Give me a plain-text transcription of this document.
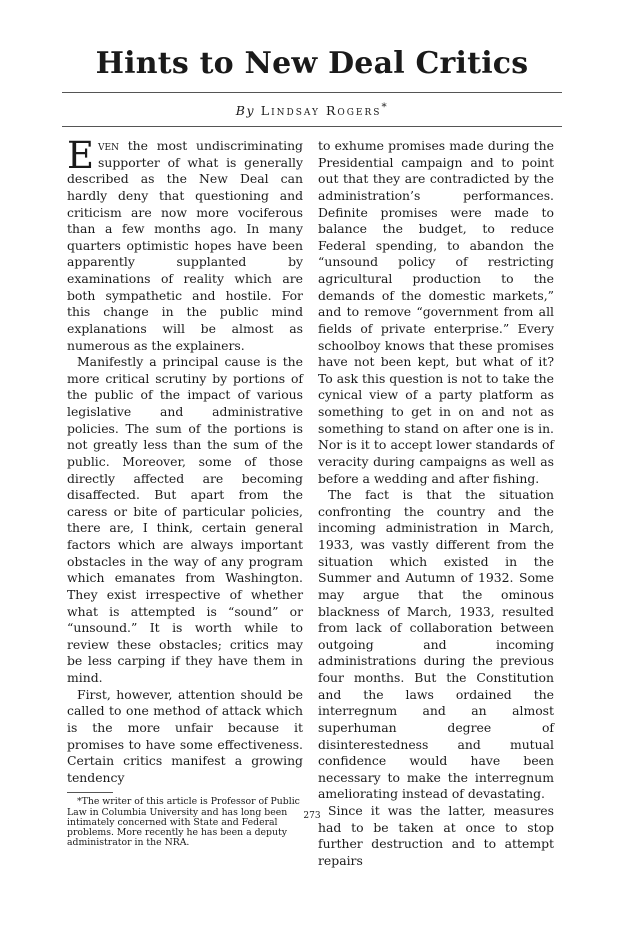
Hints to New Deal Critics
By Lindsay Rogers*

Even the most undiscriminating supporter of what is generally described as the New Deal can hardly deny that questioning and criticism are now more vociferous than a few months ago. In many quarters optimistic hopes have been apparently supplanted by examinations of reality which are both sympathetic and hostile. For this change in the public mind explanations will be almost as numerous as the explainers.

Manifestly a principal cause is the more critical scrutiny by portions of the public of the impact of various legislative and administrative policies. The sum of the portions is not greatly less than the sum of the public. Moreover, some of those directly affected are becoming disaffected. But apart from the caress or bite of particular policies, there are, I think, certain general factors which are always important obstacles in the way of any program which emanates from Washington. They exist irrespective of whether what is attempted is “sound” or “unsound.” It is worth while to review these obstacles; critics may be less carping if they have them in mind.

First, however, attention should be called to one method of attack which is the more unfair because it promises to have some effectiveness. Certain critics manifest a growing tendency

*The writer of this article is Professor of Public Law in Columbia University and has long been intimately concerned with State and Federal problems. More recently he has been a deputy administrator in the NRA.

to exhume promises made during the Presidential campaign and to point out that they are contradicted by the administration’s performances. Definite promises were made to balance the budget, to reduce Federal spending, to abandon the “unsound policy of restricting agricultural production to the demands of the domestic markets,” and to remove “government from all fields of private enterprise.” Every schoolboy knows that these promises have not been kept, but what of it? To ask this question is not to take the cynical view of a party platform as something to get in on and not as something to stand on after one is in. Nor is it to accept lower standards of veracity during campaigns as well as before a wedding and after fishing.

The fact is that the situation confronting the country and the incoming administration in March, 1933, was vastly different from the situation which existed in the Summer and Autumn of 1932. Some may argue that the ominous blackness of March, 1933, resulted from lack of collaboration between outgoing and incoming administrations during the previous four months. But the Constitution and the laws ordained the interregnum and an almost superhuman degree of disinterestedness and mutual confidence would have been necessary to make the interregnum ameliorating instead of devastating.

Since it was the latter, measures had to be taken at once to stop further destruction and to attempt repairs

273
